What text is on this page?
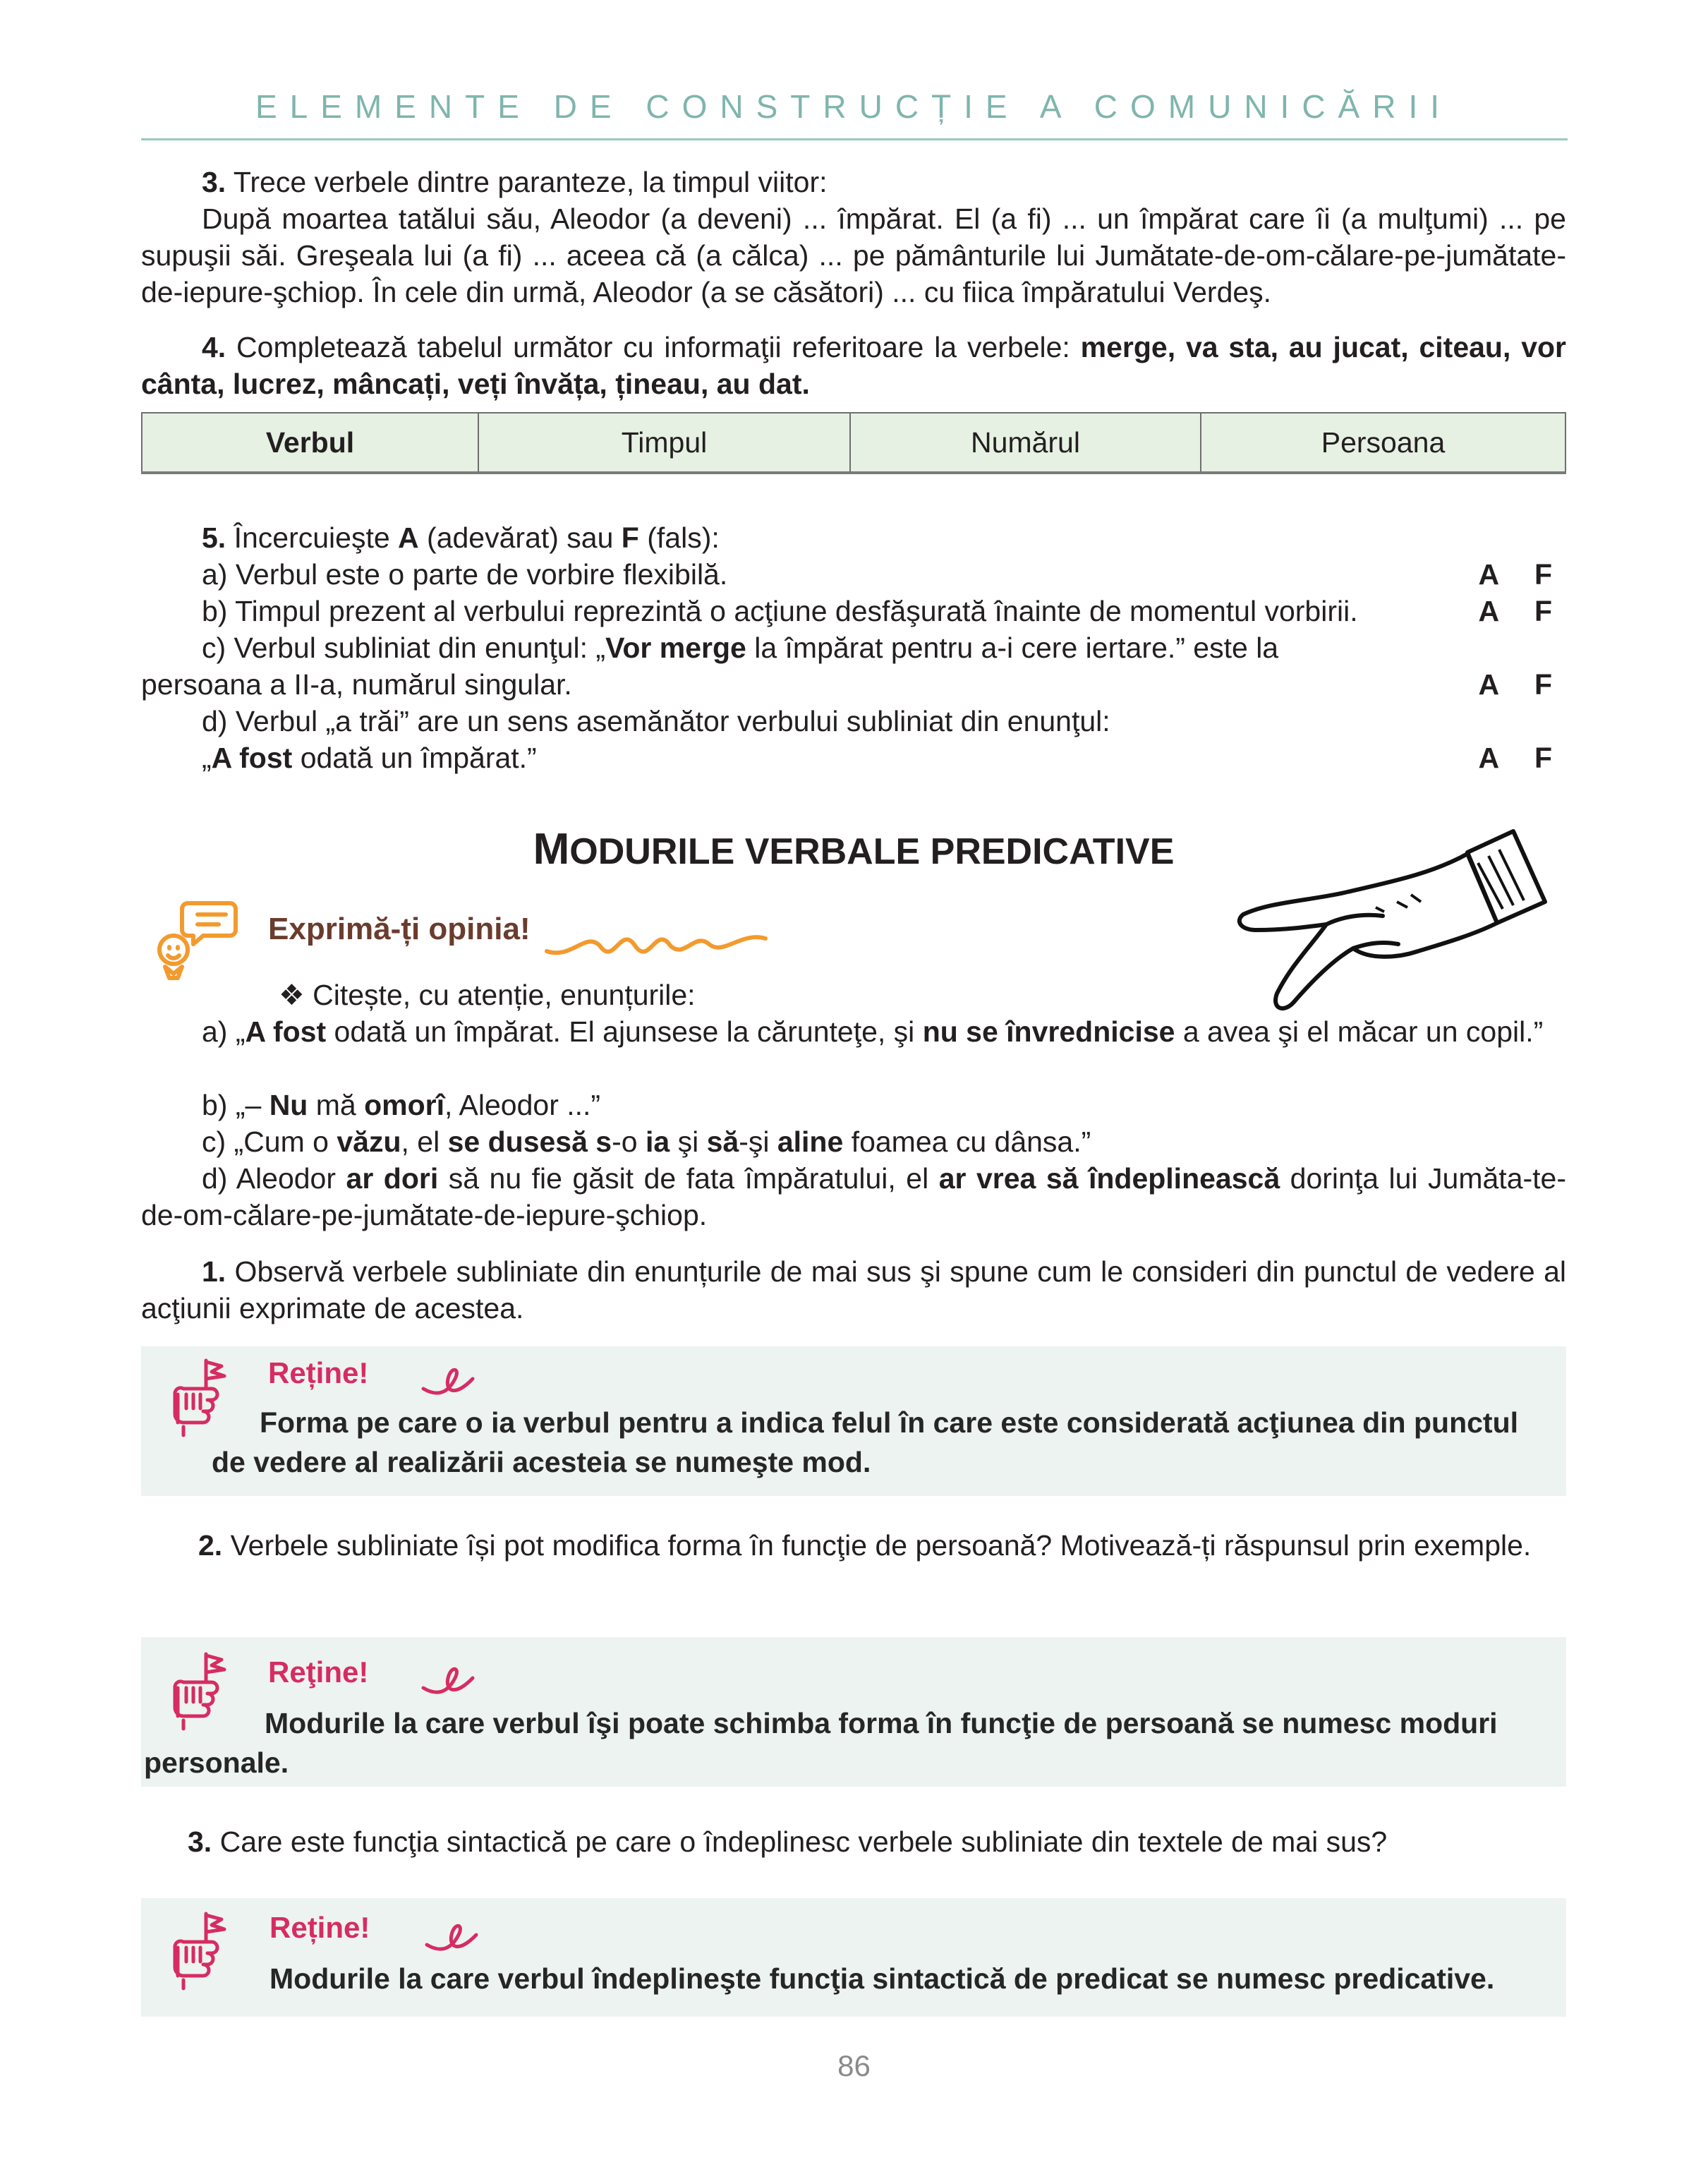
ELEMENTE DE CONSTRUCȚIE A COMUNICĂRII
3. Trece verbele dintre paranteze, la timpul viitor:
După moartea tatălui său, Aleodor (a deveni) ... împărat. El (a fi) ... un împărat care îi (a mulţumi) ... pe supuşii săi. Greşeala lui (a fi) ... aceea că (a călca) ... pe pământurile lui Jumătate-de-om-călare-pe-jumătate-de-iepure-şchiop. În cele din urmă, Aleodor (a se căsători) ... cu fiica împăratului Verdeş.
4. Completează tabelul următor cu informaţii referitoare la verbele: merge, va sta, au jucat, citeau, vor cânta, lucrez, mâncați, veți învăța, țineau, au dat.
Verbul	Timpul	Numărul	Persoana
5. Încercuieşte A (adevărat) sau F (fals):
a) Verbul este o parte de vorbire flexibilă.	A F
b) Timpul prezent al verbului reprezintă o acţiune desfăşurată înainte de momentul vorbirii.	A F
c) Verbul subliniat din enunţul: „Vor merge la împărat pentru a-i cere iertare.” este la
persoana a II-a, numărul singular.	A F
d) Verbul „a trăi” are un sens asemănător verbului subliniat din enunţul:
„A fost odată un împărat.”	A F
MODURILE VERBALE PREDICATIVE
Exprimă-ți opinia!
❖ Citește, cu atenție, enunțurile:
a) „A fost odată un împărat. El ajunsese la cărunteţe, şi nu se învrednicise a avea şi el măcar un copil.”
b) „– Nu mă omorî, Aleodor ...”
c) „Cum o văzu, el se dusesă s-o ia şi să-şi aline foamea cu dânsa.”
d) Aleodor ar dori să nu fie găsit de fata împăratului, el ar vrea să îndeplinească dorinţa lui Jumăta-te-de-om-călare-pe-jumătate-de-iepure-şchiop.
1. Observă verbele subliniate din enunțurile de mai sus şi spune cum le consideri din punctul de vedere al acţiunii exprimate de acestea.
Reține!
Forma pe care o ia verbul pentru a indica felul în care este considerată acţiunea din punctul
de vedere al realizării acesteia se numeşte mod.
2. Verbele subliniate își pot modifica forma în funcţie de persoană? Motivează-ți răspunsul prin exemple.
Reţine!
Modurile la care verbul îşi poate schimba forma în funcţie de persoană se numesc moduri
personale.
3. Care este funcţia sintactică pe care o îndeplinesc verbele subliniate din textele de mai sus?
Reține!
Modurile la care verbul îndeplineşte funcţia sintactică de predicat se numesc predicative.
86
